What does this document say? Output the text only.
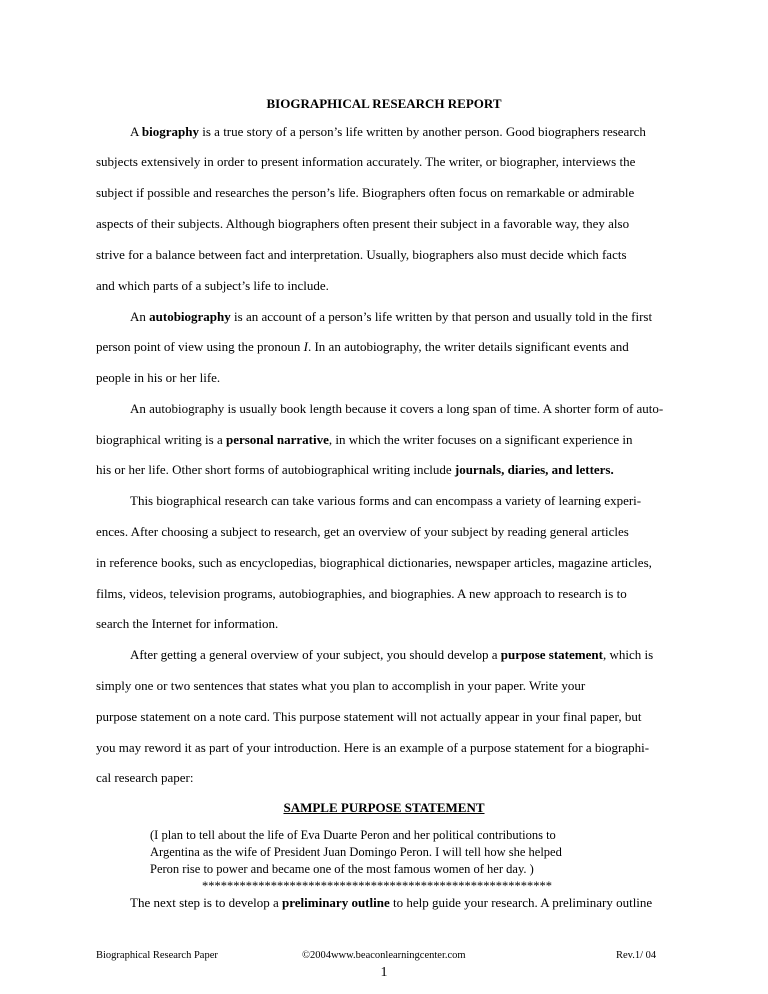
BIOGRAPHICAL RESEARCH REPORT
A biography is a true story of a person’s life written by another person. Good biographers research
subjects extensively in order to present information accurately. The writer, or biographer, interviews the
subject if possible and researches the person’s life. Biographers often focus on remarkable or admirable
aspects of their subjects. Although biographers often present their subject in a favorable way, they also
strive for a balance between fact and interpretation. Usually, biographers also must decide which facts
and which parts of a subject’s life to include.
An autobiography is an account of a person’s life written by that person and usually told in the first
person point of view using the pronoun I. In an autobiography, the writer details significant events and
people in his or her life.
An autobiography is usually book length because it covers a long span of time. A shorter form of auto-
biographical writing is a personal narrative, in which the writer focuses on a significant experience in
his or her life. Other short forms of autobiographical writing include journals, diaries, and letters.
This biographical research can take various forms and can encompass a variety of learning experi-
ences. After choosing a subject to research, get an overview of your subject by reading general articles
in reference books, such as encyclopedias, biographical dictionaries, newspaper articles, magazine articles,
films, videos, television programs, autobiographies, and biographies. A new approach to research is to
search the Internet for information.
After getting a general overview of your subject, you should develop a purpose statement, which is
simply one or two sentences that states what you plan to accomplish in your paper. Write your
purpose statement on a note card. This purpose statement will not actually appear in your final paper, but
you may reword it as part of your introduction. Here is an example of a purpose statement for a biographi-
cal research paper:
SAMPLE PURPOSE STATEMENT
(I plan to tell about the life of Eva Duarte Peron and her political contributions to
Argentina as the wife of President Juan Domingo Peron. I will tell how she helped
Peron rise to power and became one of the most famous women of her day. )
********************************************************
The next step is to develop a preliminary outline to help guide your research. A preliminary outline
Biographical Research Paper	©2004www.beaconlearningcenter.com	Rev.1/ 04
1
